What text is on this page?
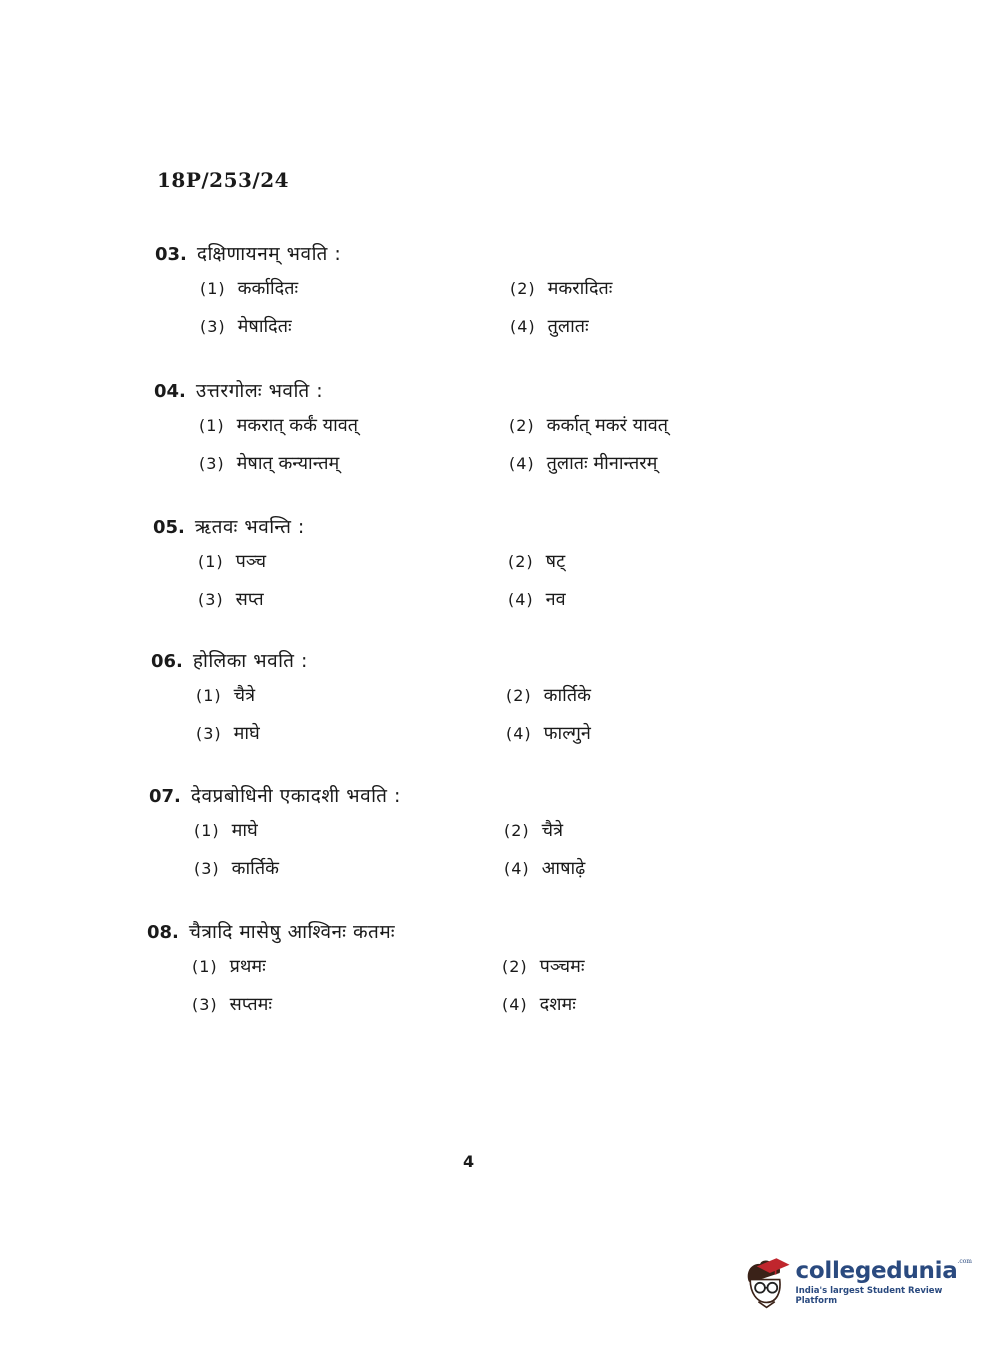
18P/253/24
03. दक्षिणायनम् भवति :
(1) कर्कादितः	(2) मकरादितः
(3) मेषादितः	(4) तुलातः
04. उत्तरगोलः भवति :
(1) मकरात् कर्कं यावत्	(2) कर्कात् मकरं यावत्
(3) मेषात् कन्यान्तम्	(4) तुलातः मीनान्तरम्
05. ऋतवः भवन्ति :
(1) पञ्च	(2) षट्
(3) सप्त	(4) नव
06. होलिका भवति :
(1) चैत्रे	(2) कार्तिके
(3) माघे	(4) फाल्गुने
07. देवप्रबोधिनी एकादशी भवति :
(1) माघे	(2) चैत्रे
(3) कार्तिके	(4) आषाढ़े
08. चैत्रादि मासेषु आश्विनः कतमः
(1) प्रथमः	(2) पञ्चमः
(3) सप्तमः	(4) दशमः
4
collegedunia$^{.com}$
India's largest Student Review Platform
